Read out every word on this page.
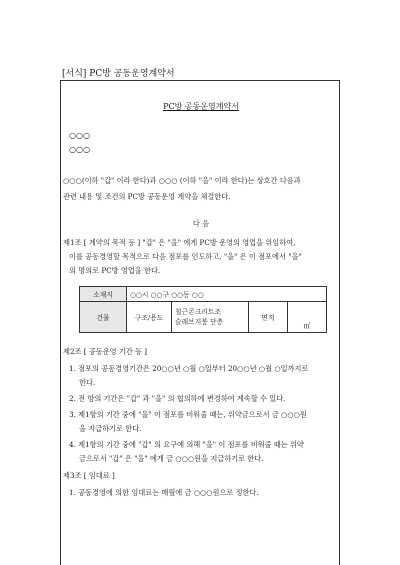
[서식] PC방 공동운영계약서
PC방 공동운영계약서
○○○
○○○
○○○(이하 "갑" 이라 한다)과 ○○○ (이하 "을" 이라 한다)는 상호간 다음과
관련 내용 및 조건의 PC방 공동운영 계약을 체결한다.
다 음
제1조 [ 계약의 목적 등 ] "갑" 은 "을" 에게 PC방 운영의 영업을 위임하여,
이를 공동경영할 목적으로 다음 점포를 인도하고, "을" 은 이 점포에서 "을"
의 명의로 PC방 영업을 한다.
소재지	○○시 ○○구 ○○동 ○○			
건물	구조/용도	철근콘크리트조
슬래브지붕 단층	면적	㎡
제2조 [ 공동운영 기간 등 ]
1. 점포의 공동경영기간은 20○○년 ○월 ○일부터 20○○년 ○월 ○일까지로
한다.
2. 전 항의 기간은 "갑" 과 "을" 의 협의하에 변경하여 계속할 수 있다.
3. 제1항의 기간 중에 "을" 이 점포를 비워줄 때는, 위약금으로서 금 ○○○원
을 지급하기로 한다.
4. 제1항의 기간 중에 "갑" 의 요구에 의해 "을" 이 점포를 비워줄 때는 위약
금으로서 "갑" 은 "을" 에게 금 ○○○원을 지급하기로 한다.
제3조 [ 임대료 ]
1. 공동경영에 의한 임대료는 매월에 금 ○○○원으로 정한다.
